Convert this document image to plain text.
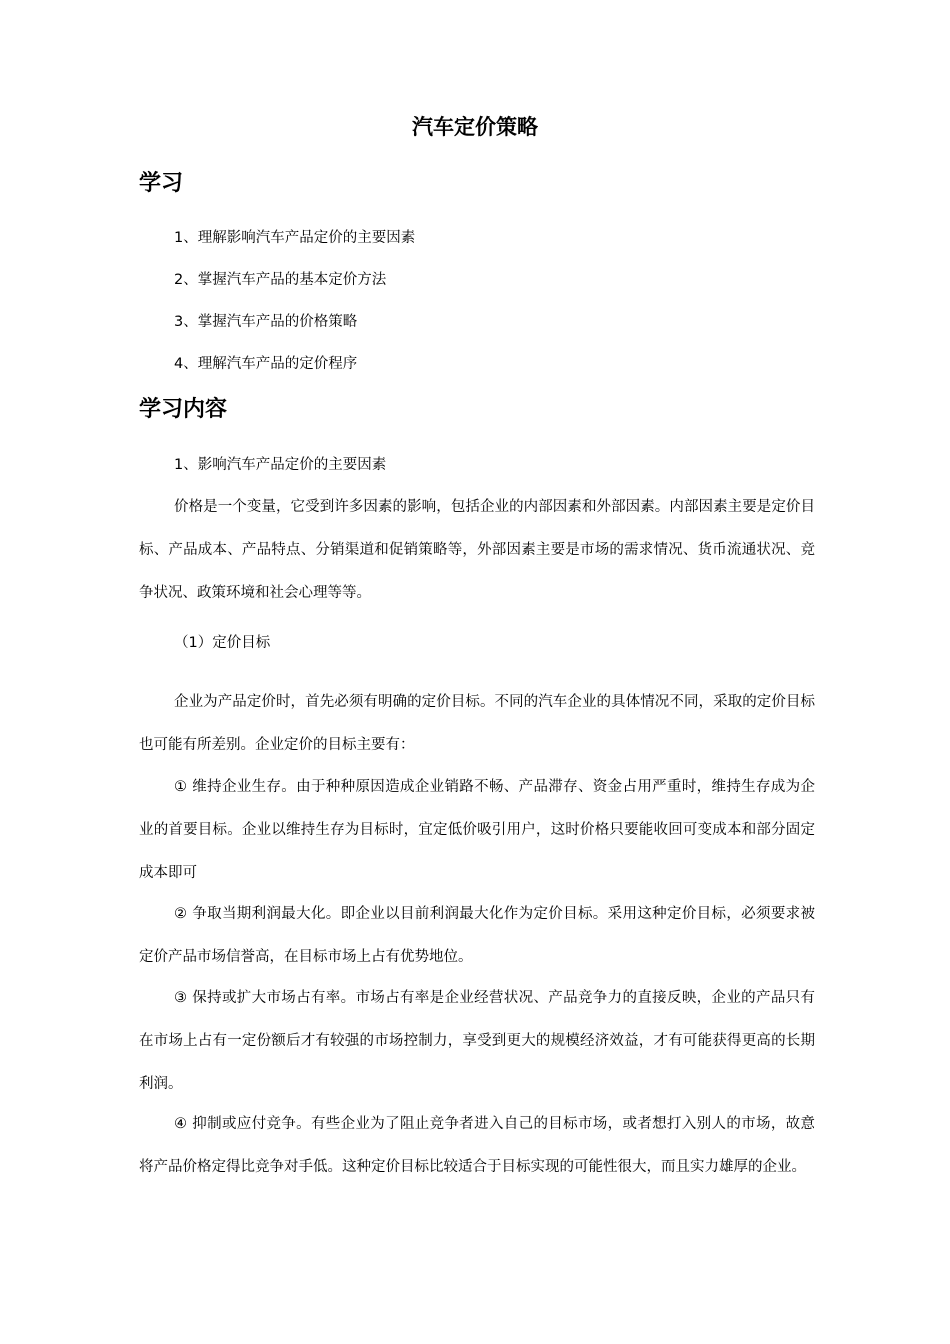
汽车定价策略
学习
1、理解影响汽车产品定价的主要因素
2、掌握汽车产品的基本定价方法
3、掌握汽车产品的价格策略
4、理解汽车产品的定价程序
学习内容
1、影响汽车产品定价的主要因素
价格是一个变量，它受到许多因素的影响，包括企业的内部因素和外部因素。内部因素主要是定价目标、产品成本、产品特点、分销渠道和促销策略等，外部因素主要是市场的需求情况、货币流通状况、竞争状况、政策环境和社会心理等等。
（1）定价目标
企业为产品定价时，首先必须有明确的定价目标。不同的汽车企业的具体情况不同，采取的定价目标也可能有所差别。企业定价的目标主要有：
① 维持企业生存。由于种种原因造成企业销路不畅、产品滞存、资金占用严重时，维持生存成为企业的首要目标。企业以维持生存为目标时，宜定低价吸引用户，这时价格只要能收回可变成本和部分固定成本即可
② 争取当期利润最大化。即企业以目前利润最大化作为定价目标。采用这种定价目标，必须要求被定价产品市场信誉高，在目标市场上占有优势地位。
③ 保持或扩大市场占有率。市场占有率是企业经营状况、产品竞争力的直接反映，企业的产品只有在市场上占有一定份额后才有较强的市场控制力，享受到更大的规模经济效益，才有可能获得更高的长期利润。
④ 抑制或应付竞争。有些企业为了阻止竞争者进入自己的目标市场，或者想打入别人的市场，故意将产品价格定得比竞争对手低。这种定价目标比较适合于目标实现的可能性很大，而且实力雄厚的企业。
